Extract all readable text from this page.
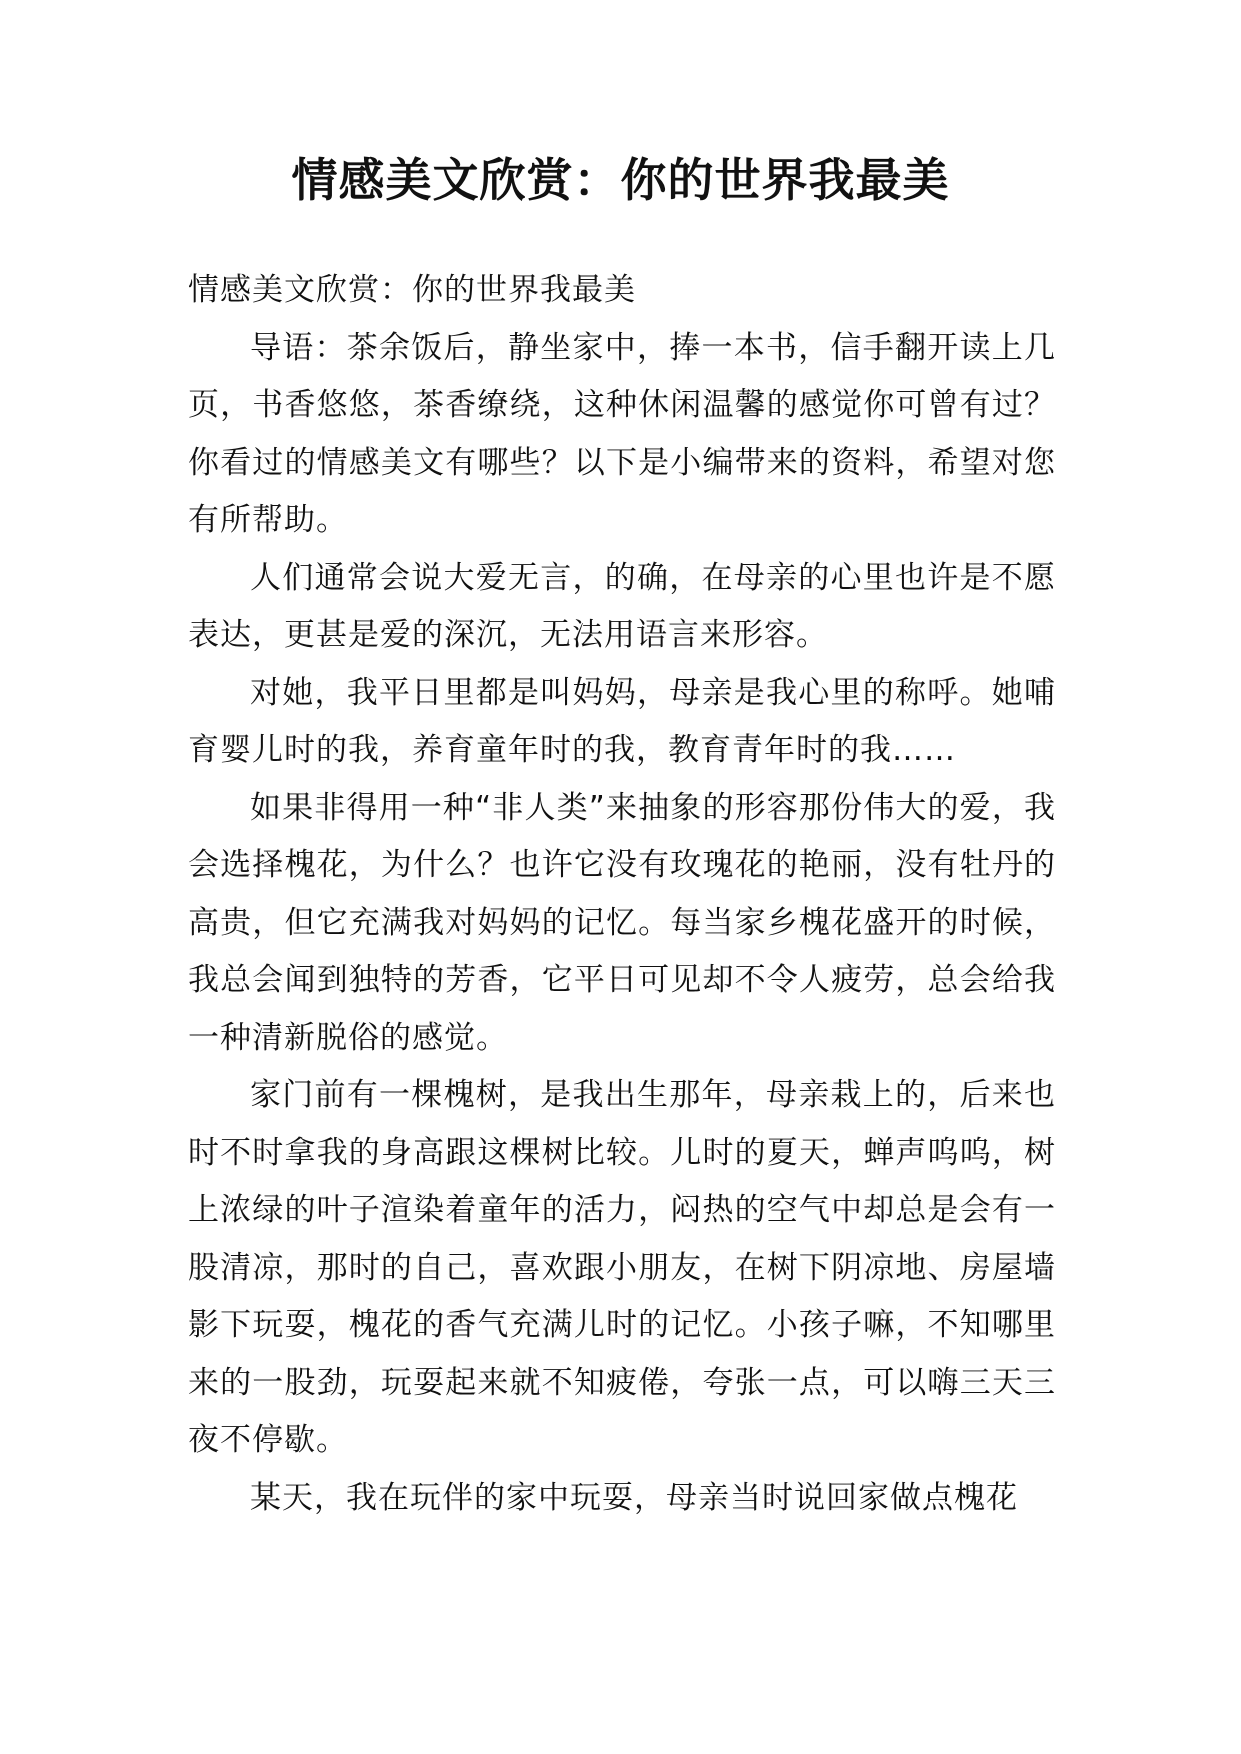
情感美文欣赏：你的世界我最美

情感美文欣赏：你的世界我最美

导语：茶余饭后，静坐家中，捧一本书，信手翻开读上几页，书香悠悠，茶香缭绕，这种休闲温馨的感觉你可曾有过？你看过的情感美文有哪些？以下是小编带来的资料，希望对您有所帮助。

人们通常会说大爱无言，的确，在母亲的心里也许是不愿表达，更甚是爱的深沉，无法用语言来形容。

对她，我平日里都是叫妈妈，母亲是我心里的称呼。她哺育婴儿时的我，养育童年时的我，教育青年时的我……

如果非得用一种“非人类”来抽象的形容那份伟大的爱，我会选择槐花，为什么？也许它没有玫瑰花的艳丽，没有牡丹的高贵，但它充满我对妈妈的记忆。每当家乡槐花盛开的时候，我总会闻到独特的芳香，它平日可见却不令人疲劳，总会给我一种清新脱俗的感觉。

家门前有一棵槐树，是我出生那年，母亲栽上的，后来也时不时拿我的身高跟这棵树比较。儿时的夏天，蝉声呜呜，树上浓绿的叶子渲染着童年的活力，闷热的空气中却总是会有一股清凉，那时的自己，喜欢跟小朋友，在树下阴凉地、房屋墙影下玩耍，槐花的香气充满儿时的记忆。小孩子嘛，不知哪里来的一股劲，玩耍起来就不知疲倦，夸张一点，可以嗨三天三夜不停歇。

某天，我在玩伴的家中玩耍，母亲当时说回家做点槐花
